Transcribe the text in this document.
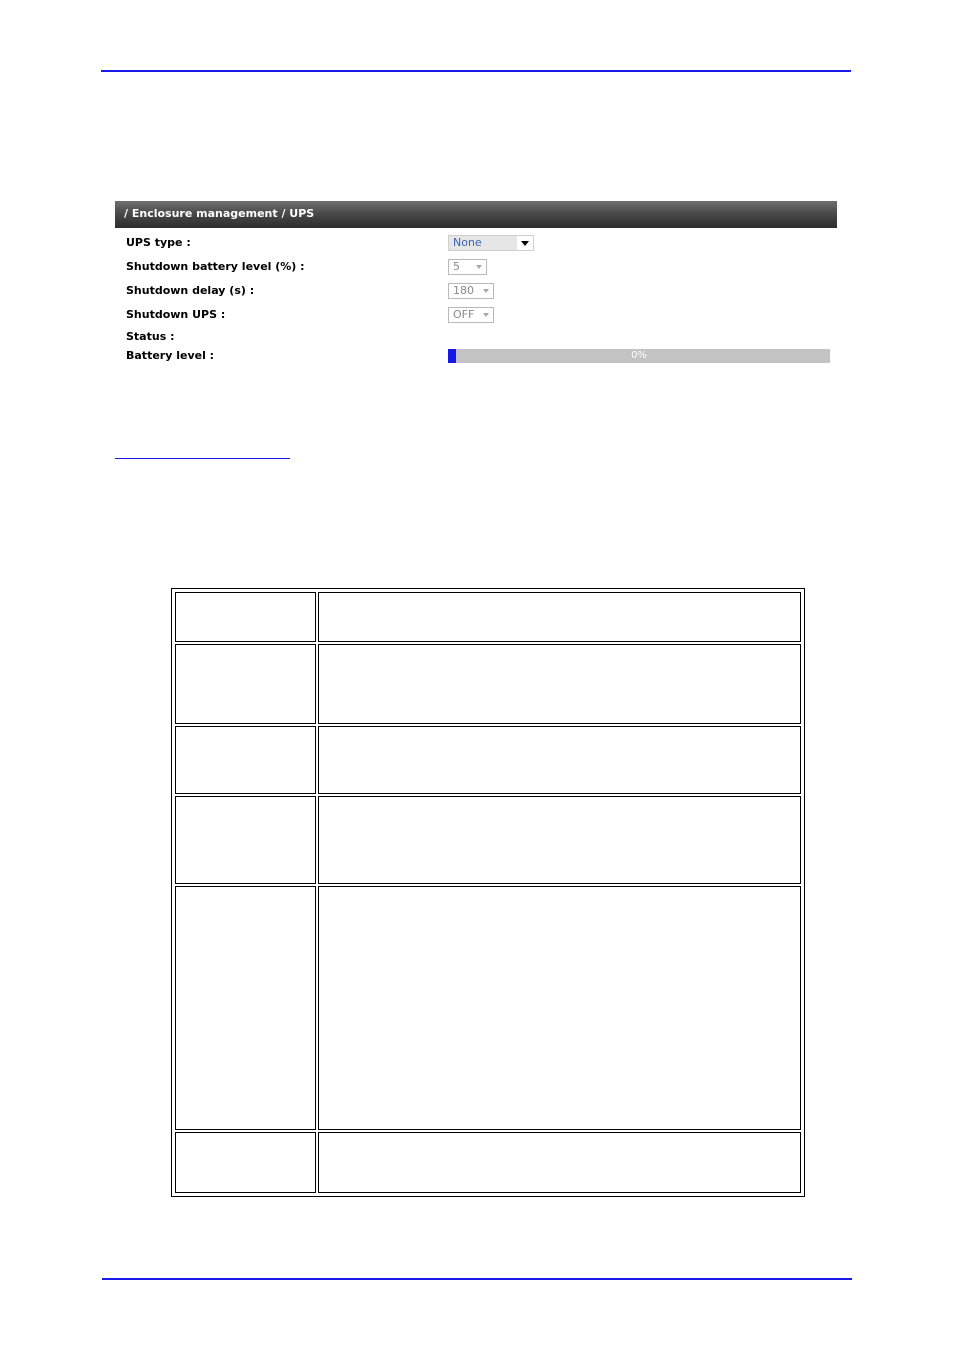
/ Enclosure management / UPS
UPS type :	None
Shutdown battery level (%) :	5
Shutdown delay (s) :	180
Shutdown UPS :	OFF
Status :
Battery level :	0%
